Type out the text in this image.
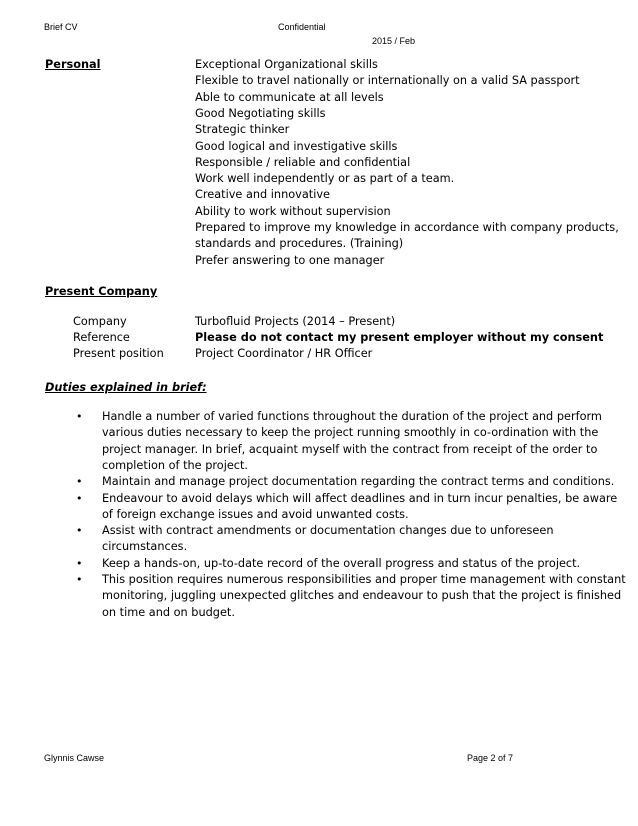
Brief CV	Confidential
2015 / Feb
Personal	Exceptional Organizational skills
Flexible to travel nationally or internationally on a valid SA passport
Able to communicate at all levels
Good Negotiating skills
Strategic thinker
Good logical and investigative skills
Responsible / reliable and confidential
Work well independently or as part of a team.
Creative and innovative
Ability to work without supervision
Prepared to improve my knowledge in accordance with company products,
standards and procedures. (Training)
Prefer answering to one manager
Present Company
Company	Turbofluid Projects (2014 – Present)
Reference	Please do not contact my present employer without my consent
Present position	Project Coordinator / HR Officer
Duties explained in brief:
• Handle a number of varied functions throughout the duration of the project and perform
various duties necessary to keep the project running smoothly in co-ordination with the
project manager. In brief, acquaint myself with the contract from receipt of the order to
completion of the project.
• Maintain and manage project documentation regarding the contract terms and conditions.
• Endeavour to avoid delays which will affect deadlines and in turn incur penalties, be aware
of foreign exchange issues and avoid unwanted costs.
• Assist with contract amendments or documentation changes due to unforeseen
circumstances.
• Keep a hands-on, up-to-date record of the overall progress and status of the project.
• This position requires numerous responsibilities and proper time management with constant
monitoring, juggling unexpected glitches and endeavour to push that the project is finished
on time and on budget.
Glynnis Cawse	Page 2 of 7
